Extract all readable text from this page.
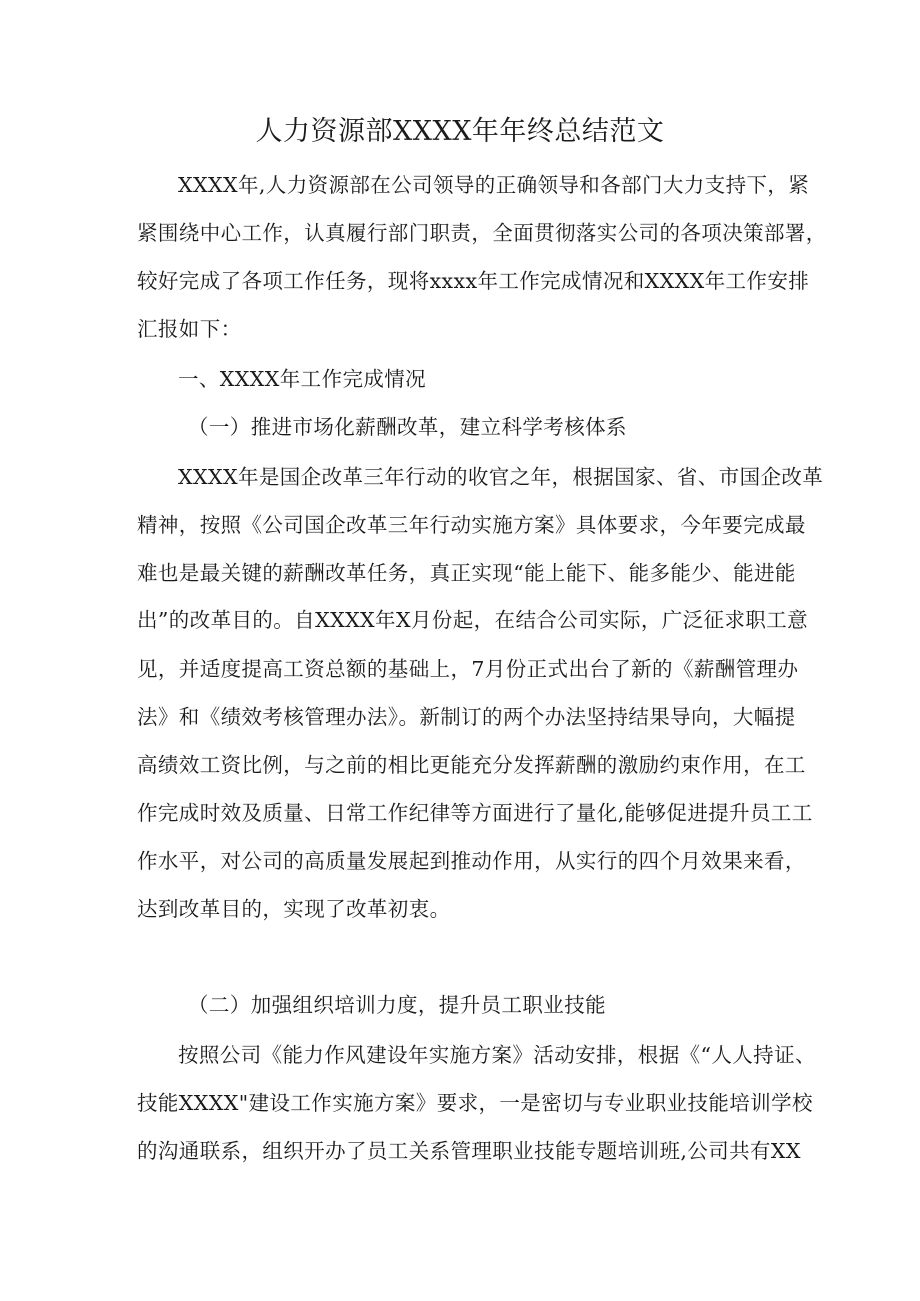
人力资源部XXXX年年终总结范文
XXXX年,人力资源部在公司领导的正确领导和各部门大力支持下，紧
紧围绕中心工作，认真履行部门职责，全面贯彻落实公司的各项决策部署，
较好完成了各项工作任务，现将xxxx年工作完成情况和XXXX年工作安排
汇报如下：
一、XXXX年工作完成情况
（一）推进市场化薪酬改革，建立科学考核体系
XXXX年是国企改革三年行动的收官之年，根据国家、省、市国企改革
精神，按照《公司国企改革三年行动实施方案》具体要求，今年要完成最
难也是最关键的薪酬改革任务，真正实现“能上能下、能多能少、能进能
出”的改革目的。自XXXX年X月份起，在结合公司实际，广泛征求职工意
见，并适度提高工资总额的基础上，7月份正式出台了新的《薪酬管理办
法》和《绩效考核管理办法》。新制订的两个办法坚持结果导向，大幅提
高绩效工资比例，与之前的相比更能充分发挥薪酬的激励约束作用，在工
作完成时效及质量、日常工作纪律等方面进行了量化,能够促进提升员工工
作水平，对公司的高质量发展起到推动作用，从实行的四个月效果来看，
达到改革目的，实现了改革初衷。
（二）加强组织培训力度，提升员工职业技能
按照公司《能力作风建设年实施方案》活动安排，根据《“人人持证、
技能XXXX"建设工作实施方案》要求，一是密切与专业职业技能培训学校
的沟通联系，组织开办了员工关系管理职业技能专题培训班,公司共有XX
